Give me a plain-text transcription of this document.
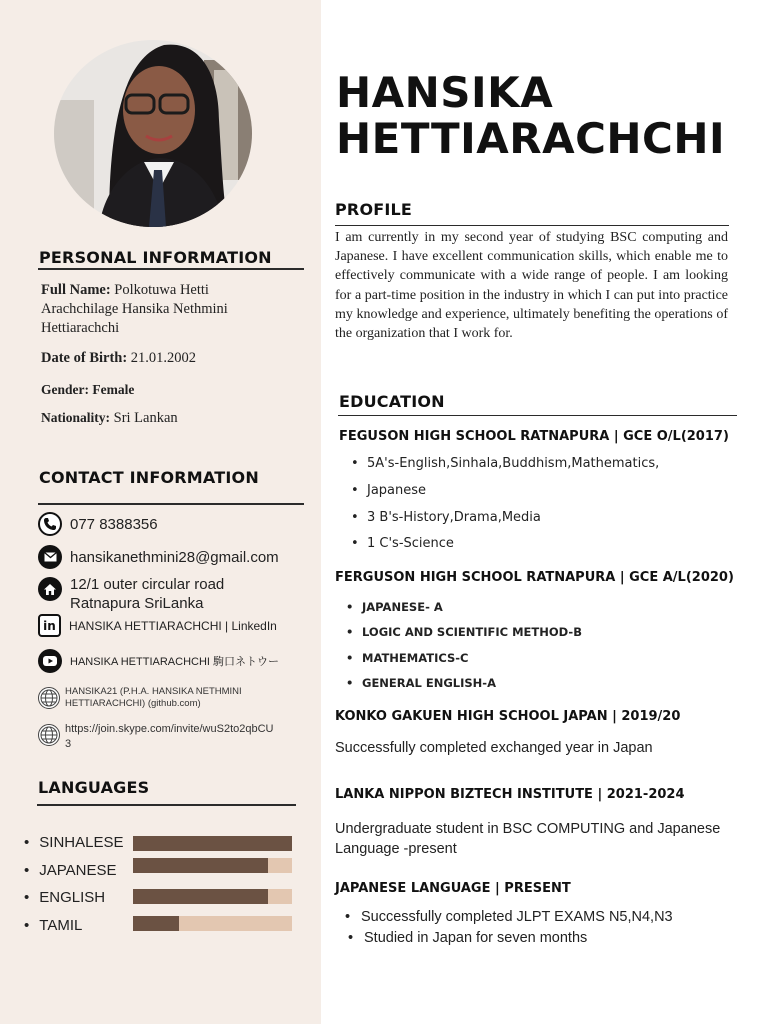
PERSONAL INFORMATION
Full Name: Polkotuwa Hetti
Arachchilage Hansika Nethmini
Hettiarachchi
Date of Birth: 21.01.2002
Gender: Female
Nationality: Sri Lankan
CONTACT INFORMATION
077 8388356
hansikanethmini28@gmail.com
12/1 outer circular road
Ratnapura SriLanka
in HANSIKA HETTIARACHCHI | LinkedIn
HANSIKA HETTIARACHCHI 駒口ネトウー
HANSIKA21 (P.H.A. HANSIKA NETHMINI
HETTIARACHCHI) (github.com)
https://join.skype.com/invite/wuS2to2qbCU
3
LANGUAGES
• SINHALESE
• JAPANESE
• ENGLISH
• TAMIL
HANSIKA
HETTIARACHCHI
PROFILE
I am currently in my second year of studying BSC computing and Japanese. I have excellent communication skills, which enable me to effectively communicate with a wide range of people. I am looking for a part-time position in the industry in which I can put into practice my knowledge and experience, ultimately benefiting the operations of the organization that I work for.
EDUCATION
FEGUSON HIGH SCHOOL RATNAPURA | GCE O/L(2017)
• 5A's-English,Sinhala,Buddhism,Mathematics,
• Japanese
• 3 B's-History,Drama,Media
• 1 C's-Science
FERGUSON HIGH SCHOOL RATNAPURA | GCE A/L(2020)
• JAPANESE- A
• LOGIC AND SCIENTIFIC METHOD-B
• MATHEMATICS-C
• GENERAL ENGLISH-A
KONKO GAKUEN HIGH SCHOOL JAPAN | 2019/20
Successfully completed exchanged year in Japan
LANKA NIPPON BIZTECH INSTITUTE | 2021-2024
Undergraduate student in BSC COMPUTING and Japanese
Language -present
JAPANESE LANGUAGE | PRESENT
• Successfully completed JLPT EXAMS N5,N4,N3
• Studied in Japan for seven months
